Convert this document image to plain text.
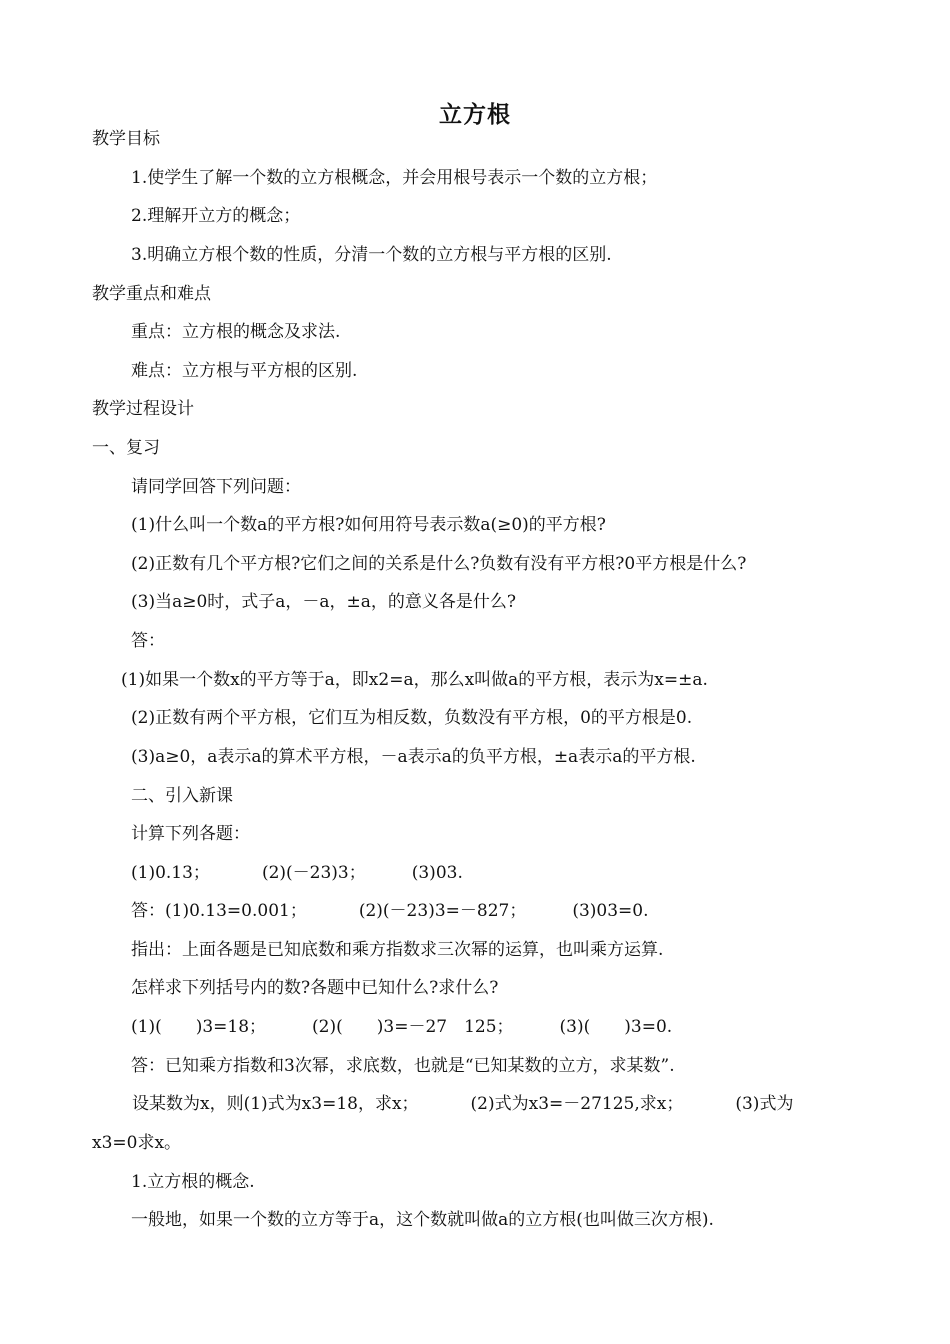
立方根
教学目标
1.使学生了解一个数的立方根概念，并会用根号表示一个数的立方根；
2.理解开立方的概念；
3.明确立方根个数的性质，分清一个数的立方根与平方根的区别.
教学重点和难点
重点：立方根的概念及求法.
难点：立方根与平方根的区别.
教学过程设计
一、复习
请同学回答下列问题：
(1)什么叫一个数a的平方根?如何用符号表示数a(≥0)的平方根?
(2)正数有几个平方根?它们之间的关系是什么?负数有没有平方根?0平方根是什么?
(3)当a≥0时，式子a，－a，±a，的意义各是什么?
答：
(1)如果一个数x的平方等于a，即x2=a，那么x叫做a的平方根，表示为x=±a.
(2)正数有两个平方根，它们互为相反数，负数没有平方根，0的平方根是0.
(3)a≥0，a表示a的算术平方根，－a表示a的负平方根，±a表示a的平方根.
二、引入新课
计算下列各题：
(1)0.13；	(2)(－23)3；	(3)03.
答：(1)0.13=0.001；	(2)(－23)3=－827；	(3)03=0.
指出：上面各题是已知底数和乘方指数求三次幂的运算，也叫乘方运算.
怎样求下列括号内的数?各题中已知什么?求什么?
(1)(　　)3=18；	(2)(　　)3=－27　125；	(3)(　　)3=0.
答：已知乘方指数和3次幂，求底数，也就是“已知某数的立方，求某数”.
设某数为x，则(1)式为x3=18，求x；	(2)式为x3=－27125,求x；	(3)式为
x3=0求x。
1.立方根的概念.
一般地，如果一个数的立方等于a，这个数就叫做a的立方根(也叫做三次方根).
